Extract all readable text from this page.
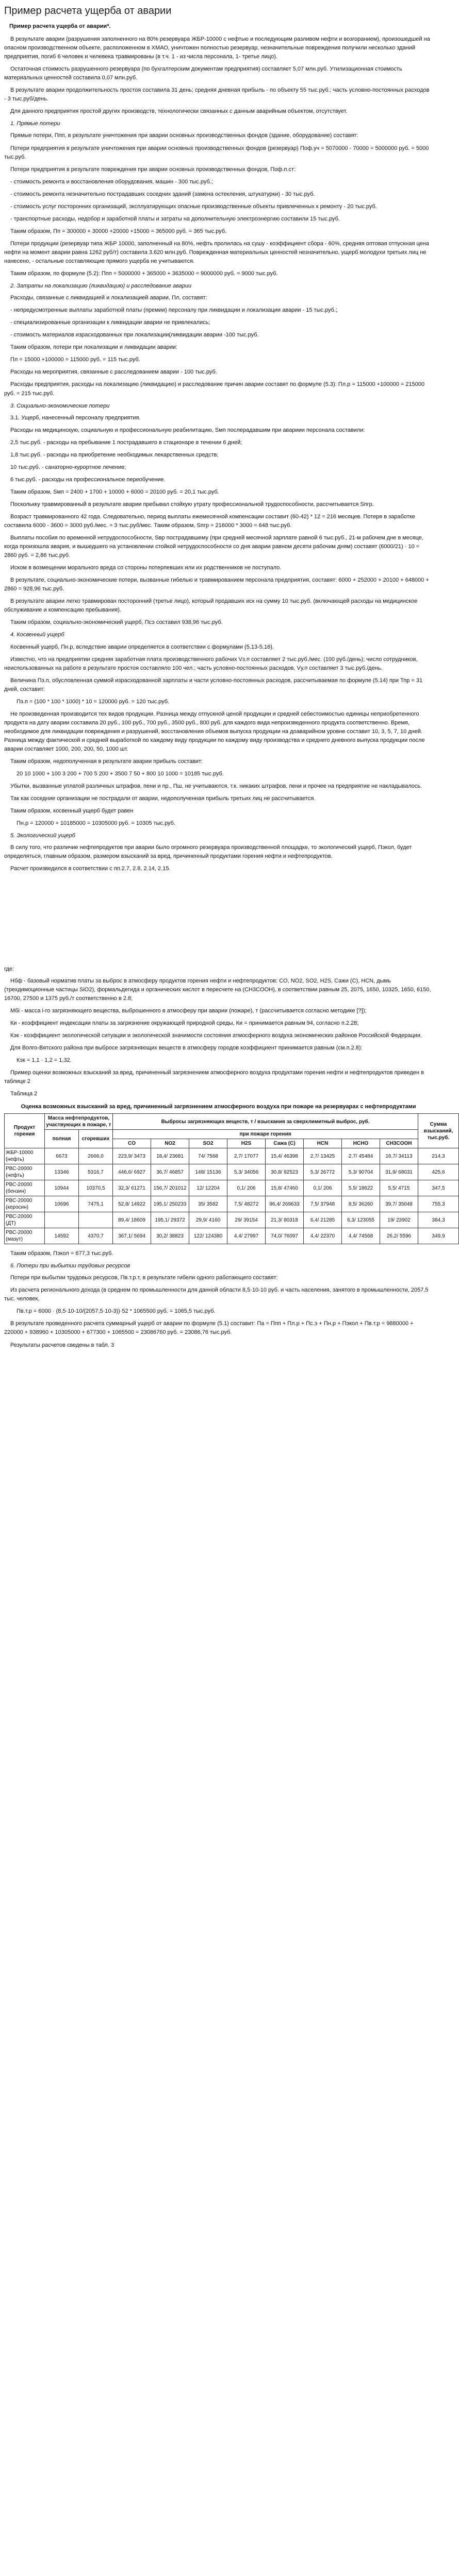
Пример расчета ущерба от аварии
Пример расчета ущерба от аварии*.

В результате аварии (разрушения заполненного на 80% резервуара ЖБР-10000 с нефтью и последующим разливом нефти и возгоранием), произошедшей на опасном производственном объекте, расположенном в ХМАО, уничтожен полностью резервуар, незначительные повреждения получили несколько зданий предприятия, погиб 6 человек и челевека травмированы (в т.ч. 1 - из числа персонала, 1- третье лицо).

Остаточная стоимость разрушенного резервуара (по бухгалтерским документам предприятия) составляет 5,07 млн.руб. Утилизационная стоимость материальных ценностей составила 0,07 млн.руб.

В результате аварии продолжительность простоя составила 31 день; средняя дневная прибыль - по объекту 55 тыс.руб.; часть условно-постоянных расходов - 3 тыс.руб/день.

Для данного предприятия простой других производств, технологически связанных с данным аварийным объектом, отсутствует.

1. Прямые потери

Прямые потери, Ппп, в результате уничтожения при аварии основных производственных фондов (здание, оборудование) составят:

Потери предприятия в результате уничтожения при аварии основных производственных фондов (резервуар) Поф.уч = 5070000 - 70000 = 5000000 руб. = 5000 тыс.руб.

Потери предприятия в результате повреждения при аварии основных производственных фондов, Поф.п.ст:

- стоимость ремонта и восстановления оборудования, машин - 300 тыс.руб.;

- стоимость ремонта незначительно пострадавших соседних зданий (замена остекления, штукатурки) - 30 тыс.руб.

- стоимость услуг посторонних организаций, эксплуатирующих опасные производственные объекты привлеченных к ремонту - 20 тыс.руб.

- транспортные расходы, недобор и заработной платы и затраты на дополнительную электроэнергию составили 15 тыс.руб.

Таким образом, Пп = 300000 + 30000 +20000 +15000 = 365000 руб. = 365 тыс.руб.

Потери продукции (резервуар типа ЖБР 10000, заполненный на 80%, нефть пролилась на сушу - коэффициент сбора - 60%, средняя оптовая отпускная цена нефти на момент аварии равна 1262 руб/т) составила 3.620 млн.руб. Поврежденная материальных ценностей незначительно, ущерб молодухи третьих лиц не нанесено, - остальные составляющие прямого ущерба не учитываются.

Таким образом, по формуле (5.2): Ппп = 5000000 + 365000 + 3635000 = 9000000 руб. = 9000 тыс.руб.

2. Затраты на локализацию (ликвидацию) и расследование аварии

Расходы, связанные с ликвидацией и локализацией аварии, Пл, составят:

- непредусмотренные выплаты заработной платы (премии) персоналу при ликвидации и локализации аварии - 15 тыс.руб.;

- специализированные организации к ликвидации аварии не привлекались;

- стоимость материалов израсходованных при локализации(ликвидации аварии -100 тыс.руб.

Таким образом, потери при локализации и ликвидации аварии:

Пл = 15000 +100000 = 115000 руб. = 115 тыс.руб.

Расходы на мероприятия, связанные с расследованием аварии - 100 тыс.руб.

Расходы предприятия, расходы на локализацию (ликвидацию) и расследование причин аварии составят по формуле (5.3): Пл.р = 115000 +100000 = 215000 руб. = 215 тыс.руб.

3. Социально-экономические потери

3.1. Ущерб, нанесенный персоналу предприятия.

Расходы на медицинскую, социальную и профессиональную реабилитацию, Sмп послерадавшим при авариии персонала составили:

2,5 тыс.руб. - расходы на пребывание 1 пострадавшего в стационаре в течении 6 дней;

1,8 тыс.руб. - расходы на приобретение необходимых лекарственных средств;

10 тыс.руб. - санаторно-курортное лечение;

6 тыс.руб. - расходы на профессиональное переобучение.

Таким образом, Sмп = 2400 + 1700 + 10000 + 6000 = 20100 руб. = 20,1 тыс.руб.

Посколькку травмированный в результате аварии пребывал стойкую утрату профессиональной трудоспособности, рассчитывается Sпгр.

Возраст травмированного 42 года. Следовательно, период выплаты ежемесячной компенсации составит (60-42) * 12 = 216 месяцев. Потеря в заработке составила 6000 - 3600 = 3000 руб./мес. = 3 тыс.руб/мес. Таким образом, Sпгр = 216000 * 3000 = 648 тыс.руб.

Выплаты пособия по временной нетрудоспособности, Sвр пострадавшему (при средней месячной зарплате равной 6 тыс.руб., 21-м рабочем дне в месяце, когда произошла авария, и вышедшего на установлении стойкой нетрудоспособности со дня аварии равном десяти рабочим дням) составят (6000/21) · 10 = 2860 руб. = 2,86 тыс.руб.

Иском в возмещении морального вреда со стороны потерпевших или их родственников не поступало.

В результате, социально-экономические потери, вызванные гибелью и травмированием персонала предприятия, составят: 6000 + 252000 + 20100 + 648000 + 2860 = 928,96 тыс.руб.

В результате аварии легко травмирован посторонний (третье лицо), который продавших иск на сумму 10 тыс.руб. (включающей расходы на медицинское обслуживание и компенсацию пребывания).

Таким образом, социально-экономический ущерб, Псэ составил 938,96 тыс.руб.

4. Косвенный ущерб

Косвенный ущерб, Пн.р, вследствие аварии определяется в соответствии с формулами (5.13-5.16).

Известно, что на предприятии средняя заработная плата производственного рабочих Vз.п составляет 2 тыс.руб./мес. (100 руб./день); число сотрудников, неиспользованных на работе в результате простоя составляло 100 чел.; часть условно-постоянных расходов, Vу.п составляет 3 тыс.руб./день.

Величина Пз.п, обусловленная суммой израсходованной зарплаты и части условно-постоянных расходов, рассчитываемая по формуле (5.14) при Тпр = 31 дней, составит:

Пз.п = (100 * 100 * 1000) * 10 = 120000 руб. = 120 тыс.руб.

Не произведенная производится тех видов продукции. Разница между отпускной ценой продукции и средней себестоимостью единицы неприобретенного продукта на дату аварии составила 20 руб., 100 руб., 700 руб., 3500 руб., 800 руб. для каждого вида непроизведенного продукта соответственно. Время, необходимое для ликвидации повреждения и разрушений, восстановления объемов выпуска продукции на доаварийном уровне составит 10, 3, 5, 7, 10 дней. Разница между фактической и средней выработкой по каждому виду продукции по каждому виду производства и среднего дневного выпуска продукции после аварии составляет 1000, 200, 200, 50, 1000 шт.

Таким образом, недополученная в результате аварии прибыль составит:

20 10 1000 + 100 3 200 + 700 5 200 + 3500 7 50 + 800 10 1000 = 10185 тыс.руб.

Убытки, вызванные уплатой различных штрафов, пени и пр., Пш, не учитываются, т.к. никаких штрафов, пени и прочее на предприятие не накладывалось.

Так как соседние организации не пострадали от аварии, недополученная прибыль третьих лиц не рассчитывается.

Таким образом, косвенный ущерб будет равен

Пн.р = 120000 + 10185000 = 10305000 руб. = 10305 тыс.руб.

5. Экологический ущерб

В силу того, что различие нефтепродуктов при аварии было огромного резервуара производственной площадке, то экологический ущерб, Пэкол, будет определяться, главным образом, размером взысканий за вред, причиненный продуктами горения нефти и нефтепродуктов.

Расчет произведился в соответствии с пп.2.7, 2.8, 2.14, 2.15.

где:

Нбф - базовый норматив платы за выброс в атмосферу продуктов горения нефти и нефтепродуктов: CO, NO2, SO2, H2S, Сажи (C), HCN, дымь (трехдимоционные частицы SiO2), формальдегида и органических кислот в пересчете на (CH3COOH), в соответствии равным 25, 2075, 1650, 10325, 1650, 6150, 16700, 27500 и 1375 руб./т соответственно в 2.8;

Мбi - масса i-го загрязняющего вещества, выброшенного в атмосферу при аварии (пожаре), т (рассчитывается согласно методике [?]);

Ки - коэффициент индексации платы за загрязнение окружающей природной среды, Ки = принимается равным 94, согласно п.2.28;

Кэк - коэффициент экологической ситуации и экологической значимости состояния атмосферного воздуха экономических районов Российской Федерации.

Для Волго-Вятского района при выбросе загрязняющих веществ в атмосферу городов коэффициент принимается равным (см.п.2.8):

Кэк = 1,1 · 1,2 = 1,32.

Пример оценки возможных взысканий за вред, причиненный загрязнением атмосферного воздуха продуктами горения нефти и нефтепродуктов приведен в таблице 2

Таблица 2
Оценка возможных взысканий за вред, причиненный загрязнением атмосферного воздуха при пожаре на резервуарах с нефтепродуктами
Продукт горения	Масса нефтепродуктов, участвующих в пожаре, т		Выбросы загрязняющих веществ, т / взыскания за сверхлимитный выброс, руб.								Сумма взысканий, тыс.руб.
	полная	сгоревших	при пожаре горения								
			CO	NO2	SO2	H2S	Сажа (C)	HCN	HCHO	CH3COOH	
ЖБР-10000 (нефть)	6673	2666,0	223,9/ 3473	18,4/ 23681	74/ 7568	2,7/ 17077	15,4/ 46398	2,7/ 13425	2,7/ 45484	16,7/ 34113	214,3
РВС-20000 (нефть)	13346	5316,7	446,6/ 6927	36,7/ 46857	148/ 15136	5,3/ 34056	30,8/ 92523	5,3/ 26772	5,3/ 90704	31,9/ 68031	425,6
РВС-20000 (бензин)	10944	10370,5	32,3/ 61271	156,7/ 201012	12/ 12204	0,1/ 206	15,8/ 47460	0,1/ 206	5,5/ 18622	5,5/ 4715	347,5
РВС-20000 (керосин)	10696	7475,1	52,8/ 14922	195,1/ 250233	35/ 3582	7,5/ 48272	96,4/ 269633	7,5/ 37948	8,5/ 36260	39,7/ 35048	755,3
РВС-20000 (ДТ)			89,4/ 18609	195,1/ 29372	29,9/ 4160	29/ 39154	21,3/ 80318	6,4/ 21285	6,3/ 123055	19/ 23902	384,3
РВС-20000 (мазут)	14592	4370,7	367,1/ 5694	30,2/ 38823	122/ 124380	4,4/ 27997	74,0/ 76097	4,4/ 22370	4,4/ 74568	26,2/ 5596	349,9

Таким образом, Пэкол = 677,3 тыс.руб.

6. Потери при выбытии трудовых ресурсов

Потери при выбытии трудовых ресурсов, Пв.т.р.т, в результате гибели одного работающего составят:

Из расчета регионального дохода (в среднем по промышленности для данной области 8,5·10-10 руб. и часть населения, занятого в промышленности, 2057,5 тыс. человек,

Пв.т.р = 6000 · (8,5·10-10/(2057,5·10-3))·52 * 1065500 руб. = 1065,5 тыс.руб.

В результате проведенного расчета суммарный ущерб от аварии по формуле (5.1) составит: Па = Ппп + Пл.р + Пс.э + Пн.р + Пэкол + Пв.т.р = 9880000 + 220000 + 938960 + 10305000 + 677300 + 1065500 = 23086760 руб. = 23086,76 тыс.руб.

Результаты расчетов сведены в табл. 3
